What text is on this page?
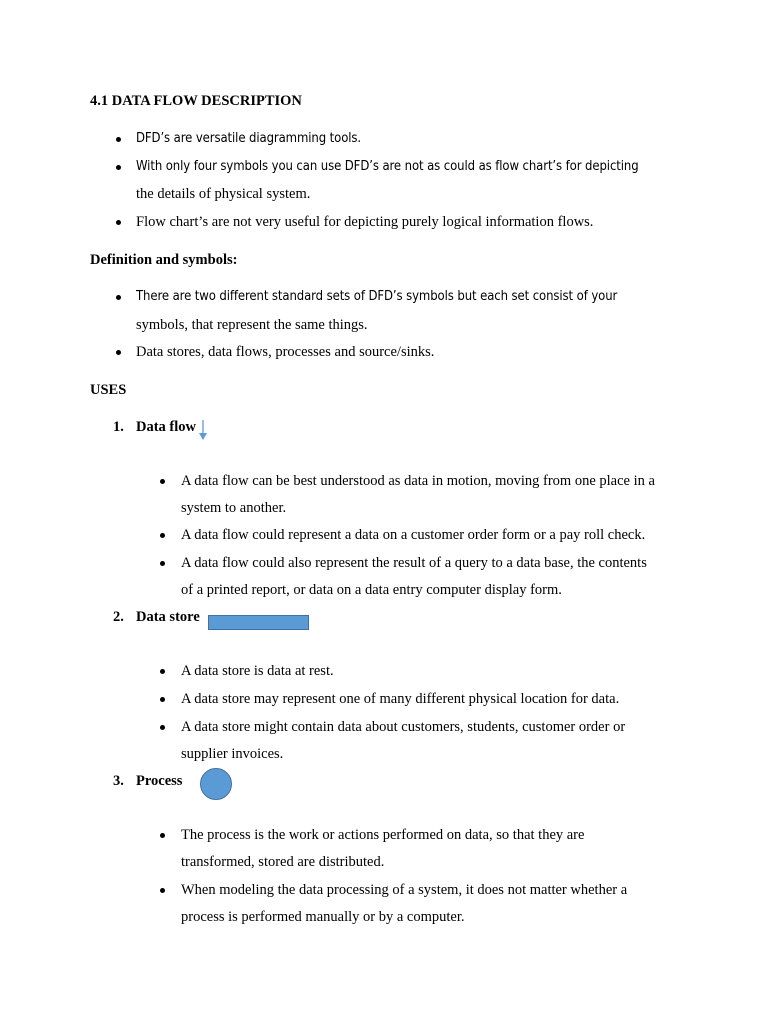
4.1 DATA FLOW DESCRIPTION
DFD’s are versatile diagramming tools.
With only four symbols you can use DFD’s are not as could as flow chart’s for depicting
the details of physical system.
Flow chart’s are not very useful for depicting purely logical information flows.
Definition and symbols:
There are two different standard sets of DFD’s symbols but each set consist of your
symbols, that represent the same things.
Data stores, data flows, processes and source/sinks.
USES
1. Data flow
A data flow can be best understood as data in motion, moving from one place in a
system to another.
A data flow could represent a data on a customer order form or a pay roll check.
A data flow could also represent the result of a query to a data base, the contents
of a printed report, or data on a data entry computer display form.
2. Data store
A data store is data at rest.
A data store may represent one of many different physical location for data.
A data store might contain data about customers, students, customer order or
supplier invoices.
3. Process
The process is the work or actions performed on data, so that they are
transformed, stored are distributed.
When modeling the data processing of a system, it does not matter whether a
process is performed manually or by a computer.
